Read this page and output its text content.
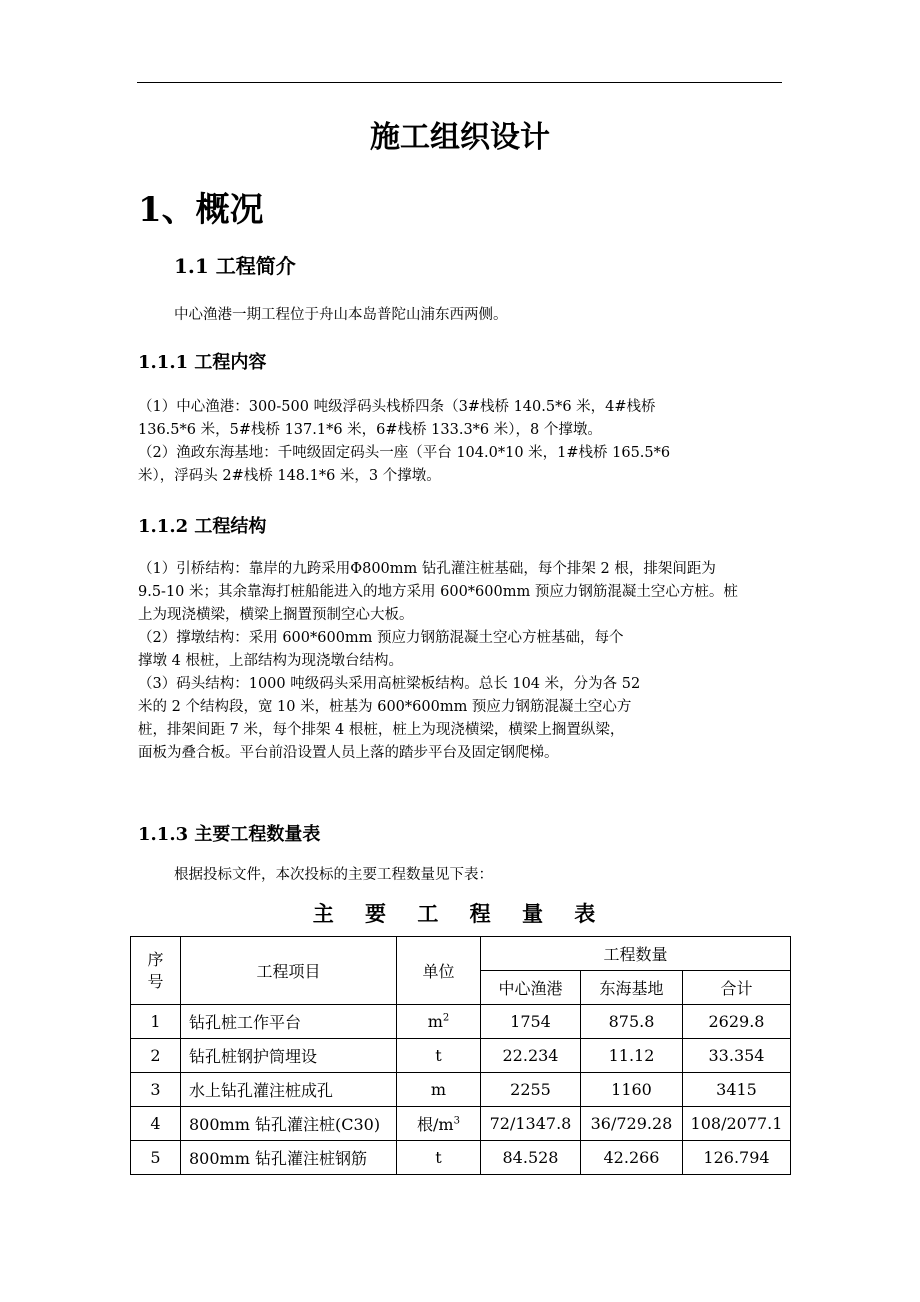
施工组织设计
1、概况
1.1 工程简介
中心渔港一期工程位于舟山本岛普陀山浦东西两侧。
1.1.1 工程内容
（1）中心渔港：300-500 吨级浮码头栈桥四条（3#栈桥 140.5*6 米，4#栈桥
136.5*6 米，5#栈桥 137.1*6 米，6#栈桥 133.3*6 米），8 个撑墩。
（2）渔政东海基地：千吨级固定码头一座（平台 104.0*10 米，1#栈桥 165.5*6
米），浮码头 2#栈桥 148.1*6 米，3 个撑墩。
1.1.2 工程结构
（1）引桥结构：靠岸的九跨采用Φ800mm 钻孔灌注桩基础，每个排架 2 根，排架间距为
9.5-10 米；其余靠海打桩船能进入的地方采用 600*600mm 预应力钢筋混凝土空心方桩。桩
上为现浇横梁，横梁上搁置预制空心大板。
（2）撑墩结构：采用 600*600mm 预应力钢筋混凝土空心方桩基础，每个
撑墩 4 根桩，上部结构为现浇墩台结构。
（3）码头结构：1000 吨级码头采用高桩梁板结构。总长 104 米，分为各 52
米的 2 个结构段，宽 10 米，桩基为 600*600mm 预应力钢筋混凝土空心方
桩，排架间距 7 米，每个排架 4 根桩，桩上为现浇横梁，横梁上搁置纵梁，
面板为叠合板。平台前沿设置人员上落的踏步平台及固定钢爬梯。
1.1.3 主要工程数量表
根据投标文件，本次投标的主要工程数量见下表：
主 要 工 程 量 表
序号	工程项目	单位	工程数量		
			中心渔港	东海基地	合计
1	钻孔桩工作平台	$m^2$	1754	875.8	2629.8
2	钻孔桩钢护筒埋设	t	22.234	11.12	33.354
3	水上钻孔灌注桩成孔	m	2255	1160	3415
4	800mm 钻孔灌注桩(C30)	根$/m^3$	72/1347.8	36/729.28	108/2077.1
5	800mm 钻孔灌注桩钢筋	t	84.528	42.266	126.794
